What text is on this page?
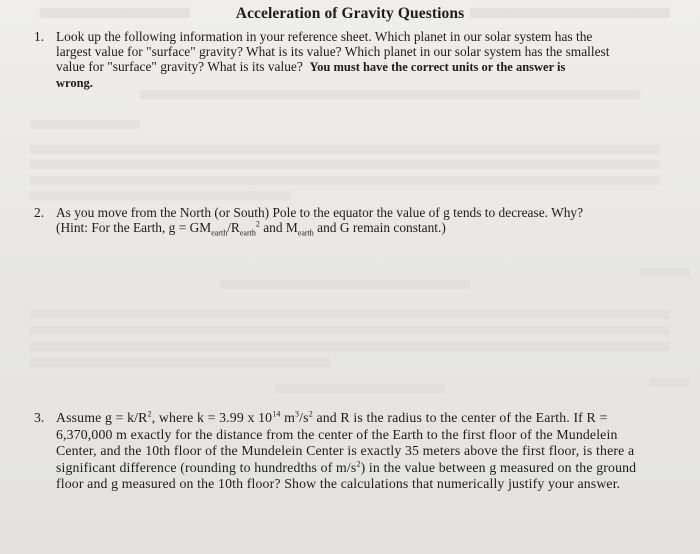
Acceleration of Gravity Questions
1. Look up the following information in your reference sheet. Which planet in our solar system has the
largest value for "surface" gravity? What is its value? Which planet in our solar system has the smallest
value for "surface" gravity? What is its value? You must have the correct units or the answer is
wrong.
2. As you move from the North (or South) Pole to the equator the value of g tends to decrease. Why?
(Hint: For the Earth, $g = GM_{earth}/R_{earth}^2$ and $M_{earth}$ and G remain constant.)
3. Assume $g = k/R^2$, where k = 3.99 x $10^{14}$ $m^3/s^2$ and R is the radius to the center of the Earth. If R =
6,370,000 m exactly for the distance from the center of the Earth to the first floor of the Mundelein
Center, and the 10th floor of the Mundelein Center is exactly 35 meters above the first floor, is there a
significant difference (rounding to hundredths of $m/s^2$) in the value between g measured on the ground
floor and g measured on the 10th floor? Show the calculations that numerically justify your answer.
